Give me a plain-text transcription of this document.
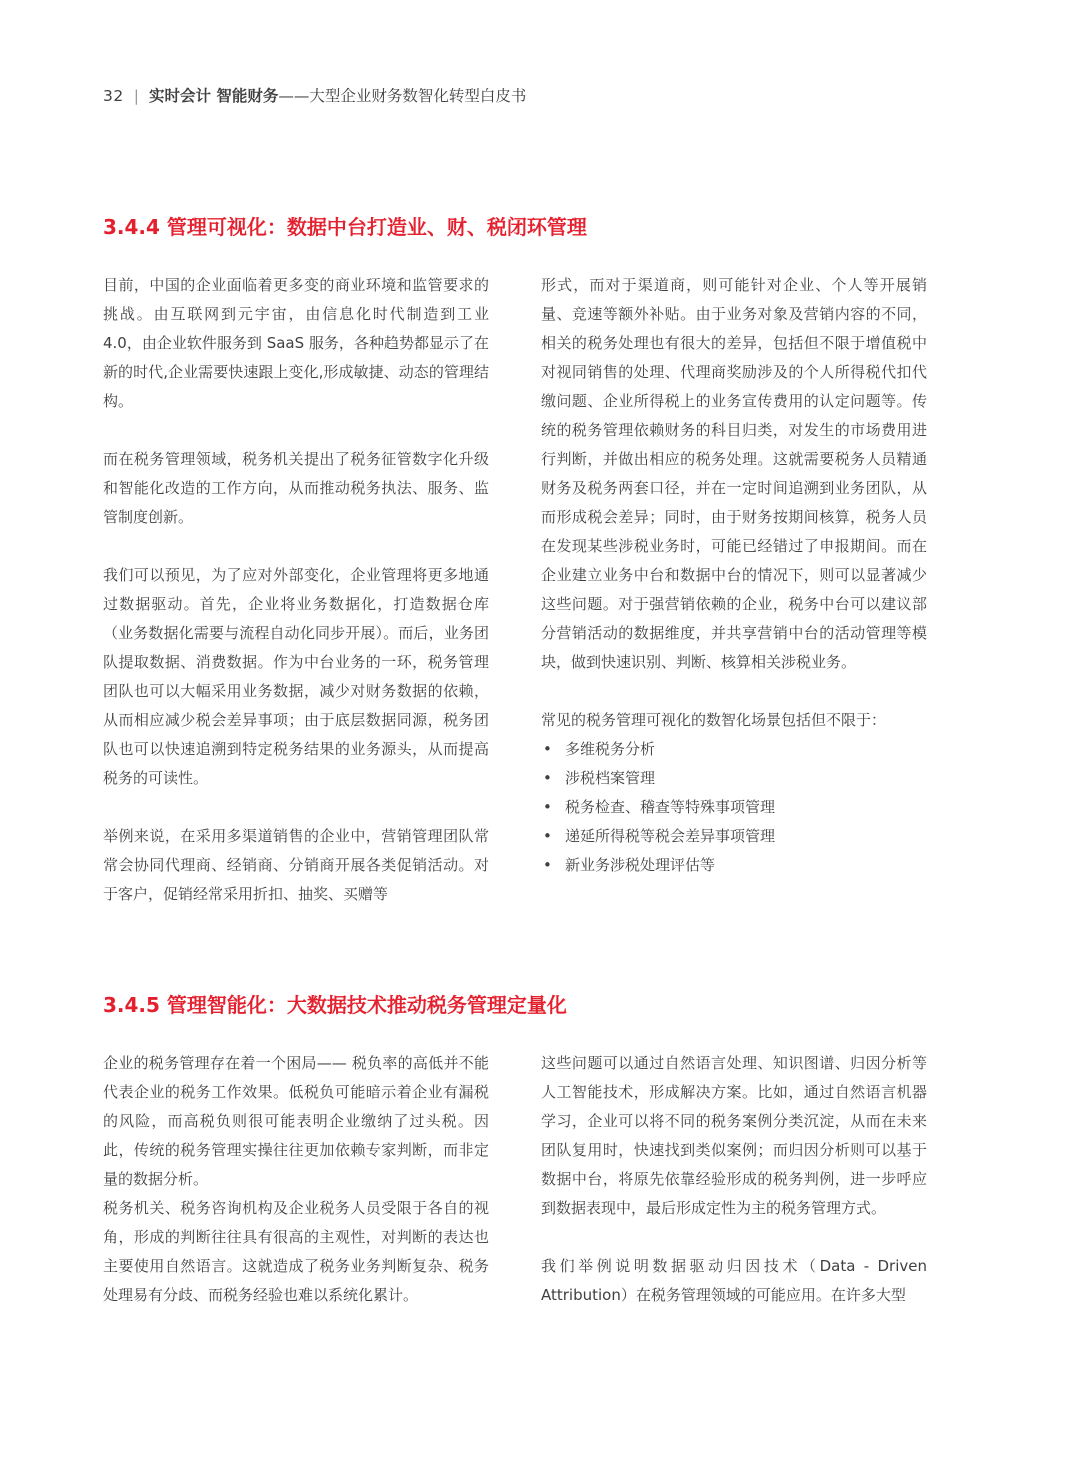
32 | 实时会计 智能财务——大型企业财务数智化转型白皮书
3.4.4 管理可视化：数据中台打造业、财、税闭环管理

目前，中国的企业面临着更多变的商业环境和监管要求的挑战。由互联网到元宇宙，由信息化时代制造到工业 4.0，由企业软件服务到 SaaS 服务，各种趋势都显示了在新的时代,企业需要快速跟上变化,形成敏捷、动态的管理结构。

而在税务管理领域，税务机关提出了税务征管数字化升级和智能化改造的工作方向，从而推动税务执法、服务、监管制度创新。

我们可以预见，为了应对外部变化，企业管理将更多地通过数据驱动。首先，企业将业务数据化，打造数据仓库（业务数据化需要与流程自动化同步开展）。而后，业务团队提取数据、消费数据。作为中台业务的一环，税务管理团队也可以大幅采用业务数据，减少对财务数据的依赖，从而相应减少税会差异事项；由于底层数据同源，税务团队也可以快速追溯到特定税务结果的业务源头，从而提高税务的可读性。

举例来说，在采用多渠道销售的企业中，营销管理团队常常会协同代理商、经销商、分销商开展各类促销活动。对于客户，促销经常采用折扣、抽奖、买赠等

形式，而对于渠道商，则可能针对企业、个人等开展销量、竞速等额外补贴。由于业务对象及营销内容的不同，相关的税务处理也有很大的差异，包括但不限于增值税中对视同销售的处理、代理商奖励涉及的个人所得税代扣代缴问题、企业所得税上的业务宣传费用的认定问题等。传统的税务管理依赖财务的科目归类，对发生的市场费用进行判断，并做出相应的税务处理。这就需要税务人员精通财务及税务两套口径，并在一定时间追溯到业务团队，从而形成税会差异；同时，由于财务按期间核算，税务人员在发现某些涉税业务时，可能已经错过了申报期间。而在企业建立业务中台和数据中台的情况下，则可以显著减少这些问题。对于强营销依赖的企业，税务中台可以建议部分营销活动的数据维度，并共享营销中台的活动管理等模块，做到快速识别、判断、核算相关涉税业务。

常见的税务管理可视化的数智化场景包括但不限于：

• 多维税务分析
• 涉税档案管理
• 税务检查、稽查等特殊事项管理
• 递延所得税等税会差异事项管理
• 新业务涉税处理评估等
3.4.5 管理智能化：大数据技术推动税务管理定量化

企业的税务管理存在着一个困局—— 税负率的高低并不能代表企业的税务工作效果。低税负可能暗示着企业有漏税的风险，而高税负则很可能表明企业缴纳了过头税。因此，传统的税务管理实操往往更加依赖专家判断，而非定量的数据分析。

税务机关、税务咨询机构及企业税务人员受限于各自的视角，形成的判断往往具有很高的主观性，对判断的表达也主要使用自然语言。这就造成了税务业务判断复杂、税务处理易有分歧、而税务经验也难以系统化累计。

这些问题可以通过自然语言处理、知识图谱、归因分析等人工智能技术，形成解决方案。比如，通过自然语言机器学习，企业可以将不同的税务案例分类沉淀，从而在未来团队复用时，快速找到类似案例；而归因分析则可以基于数据中台，将原先依靠经验形成的税务判例，进一步呼应到数据表现中，最后形成定性为主的税务管理方式。

我们举例说明数据驱动归因技术（Data - Driven Attribution）在税务管理领域的可能应用。在许多大型
